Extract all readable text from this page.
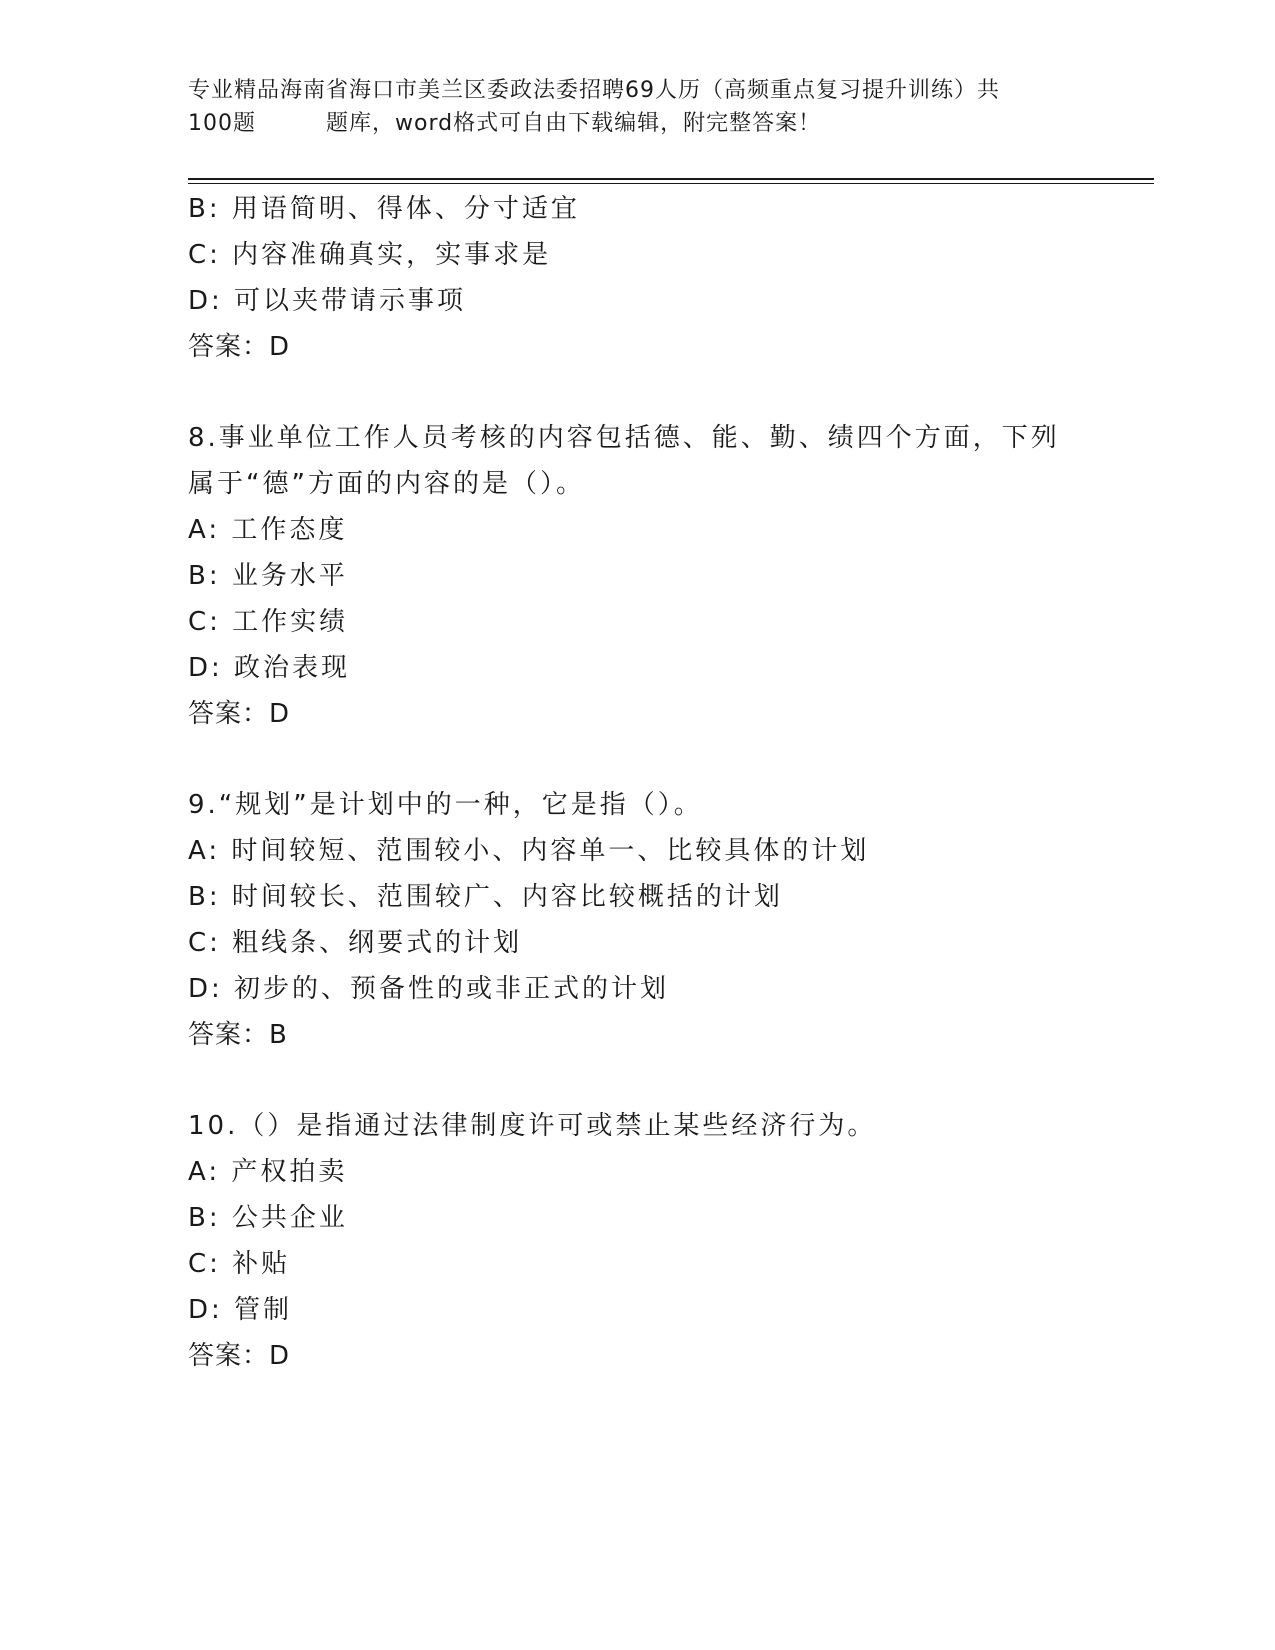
专业精品海南省海口市美兰区委政法委招聘69人历（高频重点复习提升训练）共
100题	题库，word格式可自由下载编辑，附完整答案！
B: 用语简明、得体、分寸适宜
C: 内容准确真实，实事求是
D: 可以夹带请示事项
答案：D
8.事业单位工作人员考核的内容包括德、能、勤、绩四个方面，下列
属于“德”方面的内容的是（）。
A: 工作态度
B: 业务水平
C: 工作实绩
D: 政治表现
答案：D
9.“规划”是计划中的一种，它是指（）。
A: 时间较短、范围较小、内容单一、比较具体的计划
B: 时间较长、范围较广、内容比较概括的计划
C: 粗线条、纲要式的计划
D: 初步的、预备性的或非正式的计划
答案：B
10.（）是指通过法律制度许可或禁止某些经济行为。
A: 产权拍卖
B: 公共企业
C: 补贴
D: 管制
答案：D
